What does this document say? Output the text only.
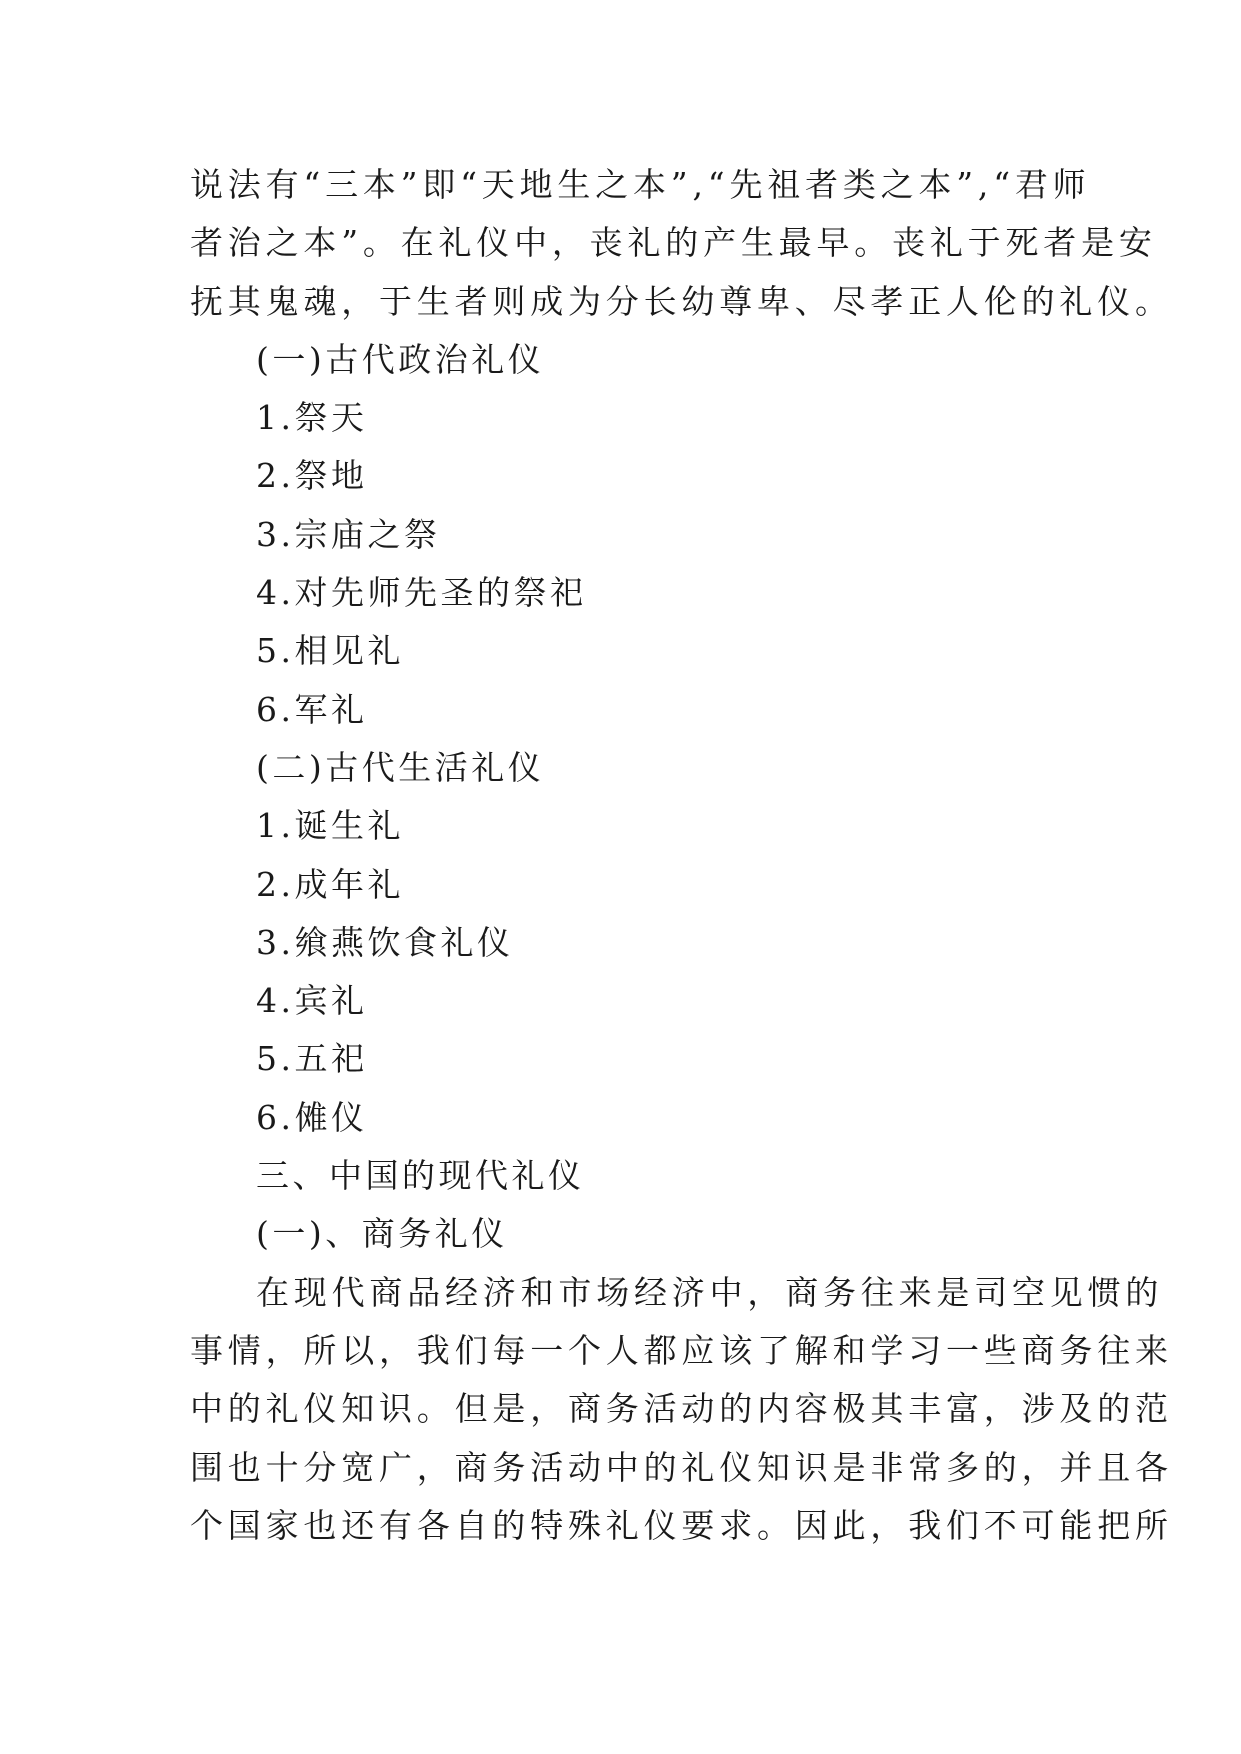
说法有“三本”即“天地生之本”,“先祖者类之本”,“君师
者治之本”。在礼仪中，丧礼的产生最早。丧礼于死者是安
抚其鬼魂，于生者则成为分长幼尊卑、尽孝正人伦的礼仪。
(一)古代政治礼仪
1.祭天
2.祭地
3.宗庙之祭
4.对先师先圣的祭祀
5.相见礼
6.军礼
(二)古代生活礼仪
1.诞生礼
2.成年礼
3.飨燕饮食礼仪
4.宾礼
5.五祀
6.傩仪
三、中国的现代礼仪
(一)、商务礼仪
在现代商品经济和市场经济中，商务往来是司空见惯的
事情，所以，我们每一个人都应该了解和学习一些商务往来
中的礼仪知识。但是，商务活动的内容极其丰富，涉及的范
围也十分宽广，商务活动中的礼仪知识是非常多的，并且各
个国家也还有各自的特殊礼仪要求。因此，我们不可能把所
